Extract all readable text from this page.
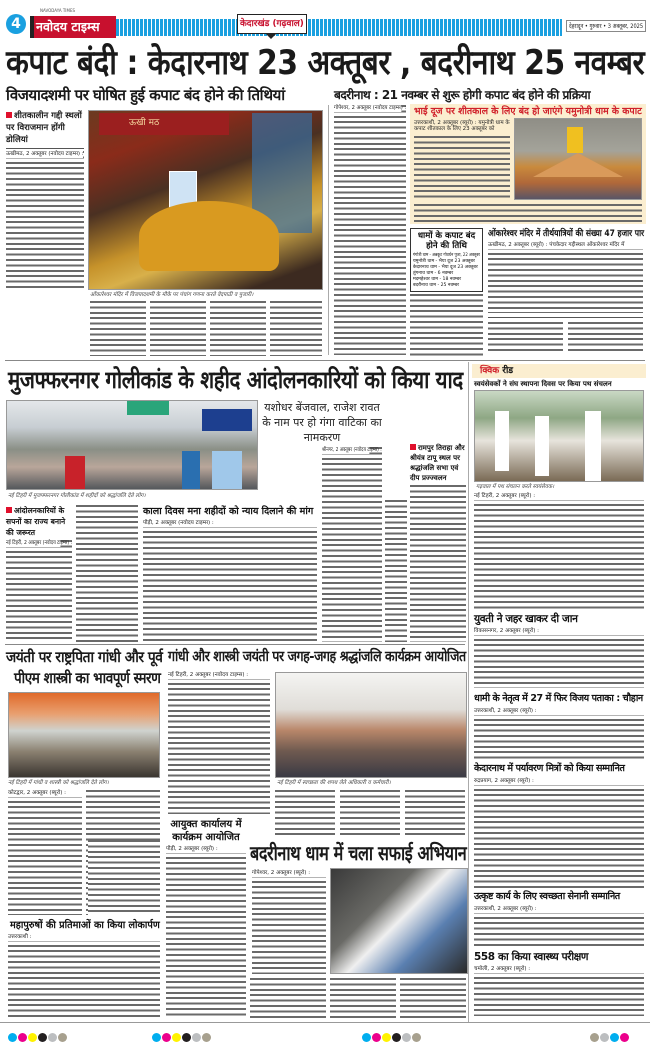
4
NAVODAYA TIMES
नवोदय टाइम्स	केदारखंड (गढ़वाल)	देहरादून • गुरुवार • 3 अक्तूबर, 2025
कपाट बंदी : केदारनाथ 23 अक्तूबर , बदरीनाथ 25 नवम्बर
विजयादशमी पर घोषित हुई कपाट बंद होने की तिथियां	बदरीनाथ : 21 नवम्बर से शुरू होगी कपाट बंद होने की प्रक्रिया
शीतकालीन गद्दी स्थलों पर विराजमान होंगी डोलियां
ऊखीमठ, 2 अक्तूबर (नवोदय टाइम्स) :
ऊखी मठ
ओंकारेश्वर मंदिर में विजयादशमी के मौके पर पंचांग गणना करते वेदपाठी व पुजारी।
गोपेश्वर, 2 अक्तूबर (नवोदय टाइम्स) : भाई दूज पर शीतकाल के लिए बंद हो जाएंगे यमुनोत्री धाम के कपाट
उत्तरकाशी, 2 अक्तूबर (ब्यूरो) : यमुनोत्री धाम के कपाट शीतकाल के लिए 23 अक्तूबर को
धामों के कपाट बंद होने की तिथि
गंगोत्री धाम - अन्नकूट गोवर्धन पूजा, 22 अक्तूबर
यमुनोत्री धाम - भैया दूज 23 अक्तूबर
केदारनाथ धाम - भैया दूज 23 अक्तूबर
तुंगनाथ धाम - 6 नवम्बर
मदमहेश्वर धाम - 18 नवम्बर
बदरीनाथ धाम - 25 नवम्बर
ओंकारेश्वर मंदिर में तीर्थयात्रियों की संख्या 47 हजार पार
ऊखीमठ, 2 अक्तूबर (ब्यूरो) : पंचकेदार गद्दीस्थल ओंकारेश्वर मंदिर में
मुजफ्फरनगर गोलीकांड के शहीद आंदोलनकारियों को किया याद
नई टिहरी में मुजफ्फरनगर गोलीकांड में शहीदों को श्रद्धांजलि देते लोग।
यशोधर बेंजवाल, राजेश रावत के नाम पर हो गंगा वाटिका का नामकरण
श्रीनगर, 2 अक्तूबर (नवोदय टाइम्स) :	रामपुर तिराहा और श्रीयंत्र टापू स्थल पर श्रद्धांजलि सभा एवं दीप प्रज्ज्वलन
आंदोलनकारियों के सपनों का राज्य बनाने की जरूरत
नई टिहरी, 2 अक्तूबर (नवोदय टाइम्स) :
काला दिवस मना शहीदों को न्याय दिलाने की मांग
पौड़ी, 2 अक्तूबर (नवोदय टाइम्स) :
क्विक रीड
स्वयंसेवकों ने संघ स्थापना दिवस पर किया पथ संचलन
गढ़वाल में पथ संचलन करते स्वयंसेवक।
नई टिहरी, 2 अक्तूबर (ब्यूरो) :
युवती ने जहर खाकर दी जान
विकासनगर, 2 अक्तूबर (ब्यूरो) :
धामी के नेतृत्व में 27 में फिर विजय पताका : चौहान
उत्तरकाशी, 2 अक्तूबर (ब्यूरो) :
केदारनाथ में पर्यावरण मित्रों को किया सम्मानित
रुद्रप्रयाग, 2 अक्तूबर (ब्यूरो) :
उत्कृष्ट कार्य के लिए स्वच्छता सेनानी सम्मानित
उत्तरकाशी, 2 अक्तूबर (ब्यूरो) :
558 का किया स्वास्थ्य परीक्षण
चमोली, 2 अक्तूबर (ब्यूरो) :
जयंती पर राष्ट्रपिता गांधी और पूर्व
पीएम शास्त्री का भावपूर्ण स्मरण
नई टिहरी में गांधी व शास्त्री को श्रद्धांजलि देते लोग।
कोटद्वार, 2 अक्तूबर (ब्यूरो) :
गांधी और शास्त्री जयंती पर जगह-जगह श्रद्धांजलि कार्यक्रम आयोजित
नई टिहरी, 2 अक्तूबर (नवोदय टाइम्स) :
नई टिहरी में स्वच्छता की शपथ लेते अधिकारी व कर्मचारी।
आयुक्त कार्यालय में कार्यक्रम आयोजित
पौड़ी, 2 अक्तूबर (ब्यूरो) :	बदरीनाथ धाम में चला सफाई अभियान
गोपेश्वर, 2 अक्तूबर (ब्यूरो) :
महापुरुषों की प्रतिमाओं का किया लोकार्पण
उत्तरकाशी :
